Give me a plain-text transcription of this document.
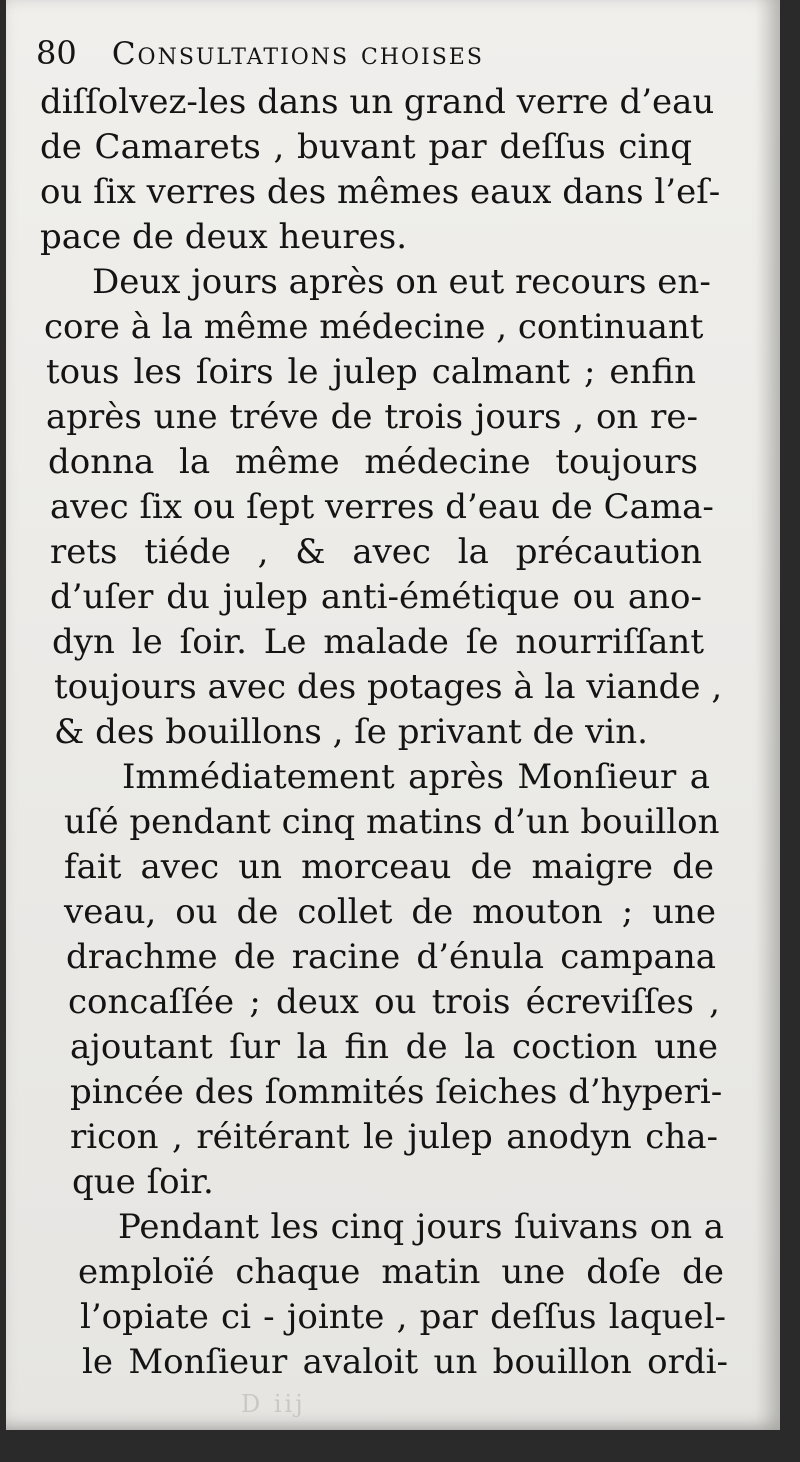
80 Consultations choises
diſſolvez-les dans un grand verre d’eau
de Camarets , buvant par deſſus cinq
ou ſix verres des mêmes eaux dans l’eſ-
pace de deux heures.
Deux jours après on eut recours en-
core à la même médecine , continuant
tous les ſoirs le julep calmant ; enfin
après une tréve de trois jours , on re-
donna la même médecine toujours
avec ſix ou ſept verres d’eau de Cama-
rets tiéde , & avec la précaution
d’uſer du julep anti-émétique ou ano-
dyn le ſoir. Le malade ſe nourriſſant
toujours avec des potages à la viande ,
& des bouillons , ſe privant de vin.
Immédiatement après Monſieur a
uſé pendant cinq matins d’un bouillon
fait avec un morceau de maigre de
veau, ou de collet de mouton ; une
drachme de racine d’énula campana
concaſſée ; deux ou trois écreviſſes ,
ajoutant ſur la fin de la coction une
pincée des ſommités ſeiches d’hyperi-
ricon , réitérant le julep anodyn cha-
que ſoir.
Pendant les cinq jours ſuivans on a
emploïé chaque matin une doſe de
l’opiate ci - jointe , par deſſus laquel-
le Monſieur avaloit un bouillon ordi-
D iij
